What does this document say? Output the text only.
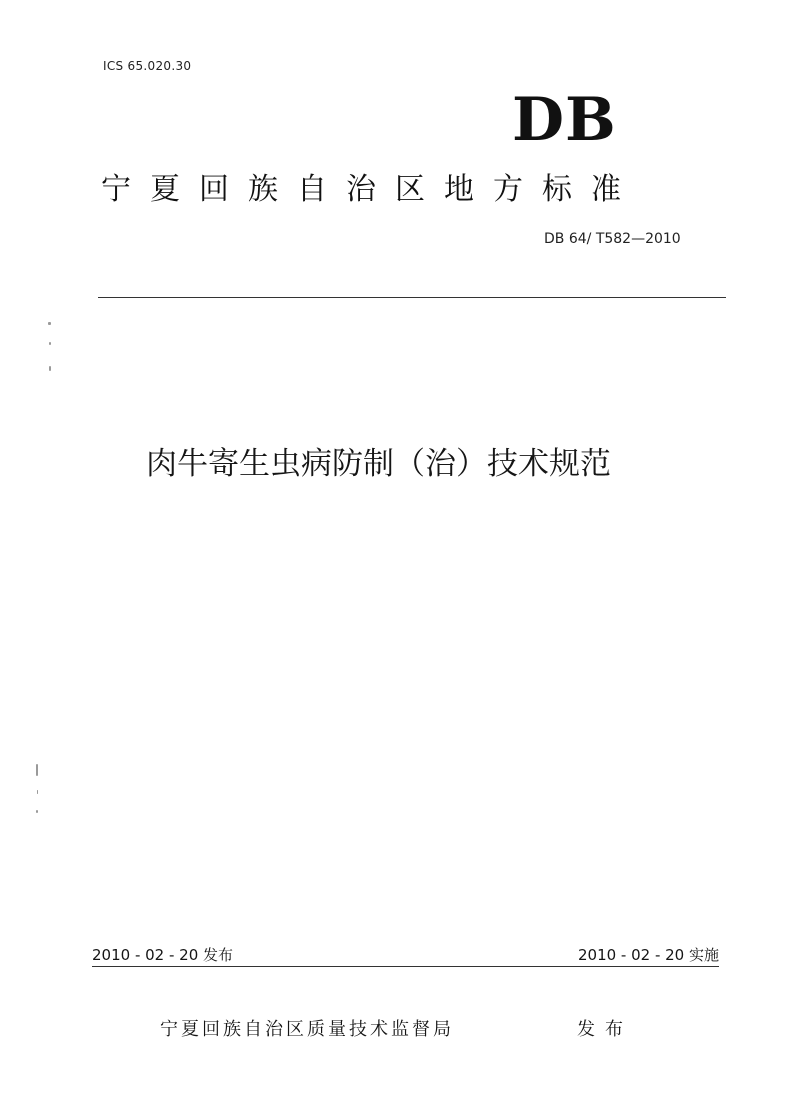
ICS 65.020.30
DB
宁夏回族自治区地方标准
DB 64/ T582—2010
肉牛寄生虫病防制（治）技术规范
2010 - 02 - 20 发布	2010 - 02 - 20 实施
宁夏回族自治区质量技术监督局	发布
